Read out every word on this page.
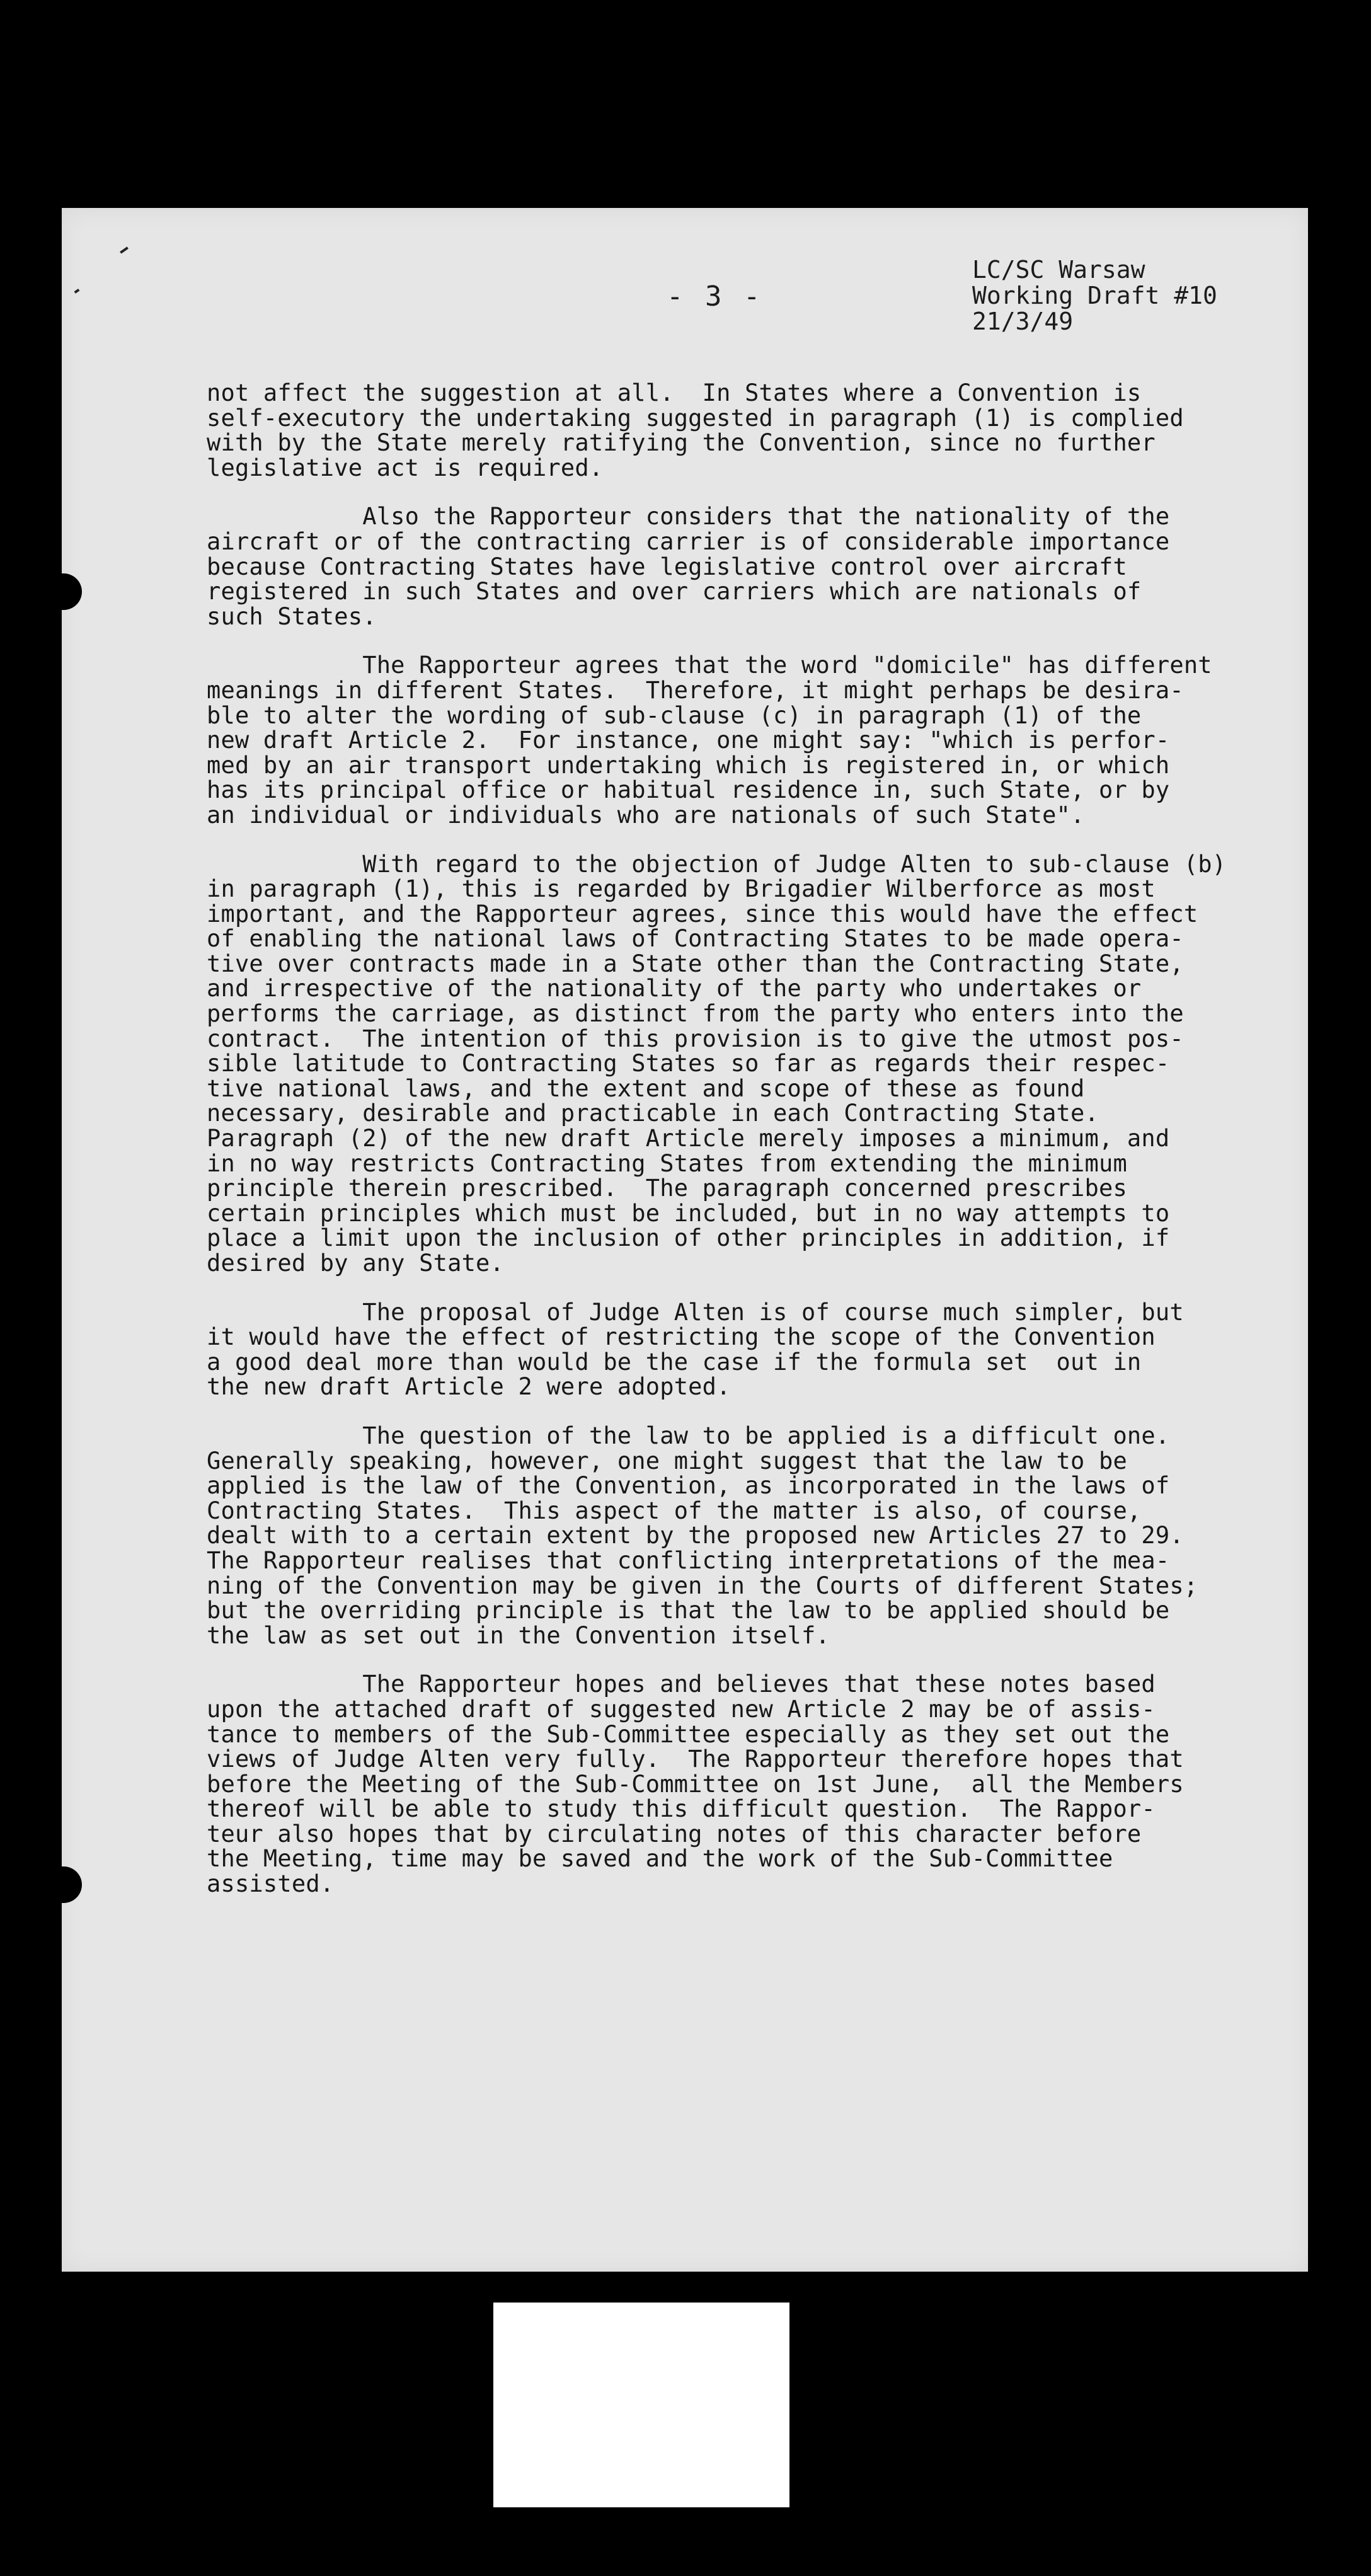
- 3 -
LC/SC Warsaw
Working Draft #10
21/3/49
not affect the suggestion at all.  In States where a Convention is
self-executory the undertaking suggested in paragraph (1) is complied
with by the State merely ratifying the Convention, since no further
legislative act is required.
Also the Rapporteur considers that the nationality of the
aircraft or of the contracting carrier is of considerable importance
because Contracting States have legislative control over aircraft
registered in such States and over carriers which are nationals of
such States.
The Rapporteur agrees that the word "domicile" has different
meanings in different States.  Therefore, it might perhaps be desira-
ble to alter the wording of sub-clause (c) in paragraph (1) of the
new draft Article 2.  For instance, one might say: "which is perfor-
med by an air transport undertaking which is registered in, or which
has its principal office or habitual residence in, such State, or by
an individual or individuals who are nationals of such State".
With regard to the objection of Judge Alten to sub-clause (b)
in paragraph (1), this is regarded by Brigadier Wilberforce as most
important, and the Rapporteur agrees, since this would have the effect
of enabling the national laws of Contracting States to be made opera-
tive over contracts made in a State other than the Contracting State,
and irrespective of the nationality of the party who undertakes or
performs the carriage, as distinct from the party who enters into the
contract.  The intention of this provision is to give the utmost pos-
sible latitude to Contracting States so far as regards their respec-
tive national laws, and the extent and scope of these as found
necessary, desirable and practicable in each Contracting State.
Paragraph (2) of the new draft Article merely imposes a minimum, and
in no way restricts Contracting States from extending the minimum
principle therein prescribed.  The paragraph concerned prescribes
certain principles which must be included, but in no way attempts to
place a limit upon the inclusion of other principles in addition, if
desired by any State.
The proposal of Judge Alten is of course much simpler, but
it would have the effect of restricting the scope of the Convention
a good deal more than would be the case if the formula set  out in
the new draft Article 2 were adopted.
The question of the law to be applied is a difficult one.
Generally speaking, however, one might suggest that the law to be
applied is the law of the Convention, as incorporated in the laws of
Contracting States.  This aspect of the matter is also, of course,
dealt with to a certain extent by the proposed new Articles 27 to 29.
The Rapporteur realises that conflicting interpretations of the mea-
ning of the Convention may be given in the Courts of different States;
but the overriding principle is that the law to be applied should be
the law as set out in the Convention itself.
The Rapporteur hopes and believes that these notes based
upon the attached draft of suggested new Article 2 may be of assis-
tance to members of the Sub-Committee especially as they set out the
views of Judge Alten very fully.  The Rapporteur therefore hopes that
before the Meeting of the Sub-Committee on 1st June,  all the Members
thereof will be able to study this difficult question.  The Rappor-
teur also hopes that by circulating notes of this character before
the Meeting, time may be saved and the work of the Sub-Committee
assisted.
